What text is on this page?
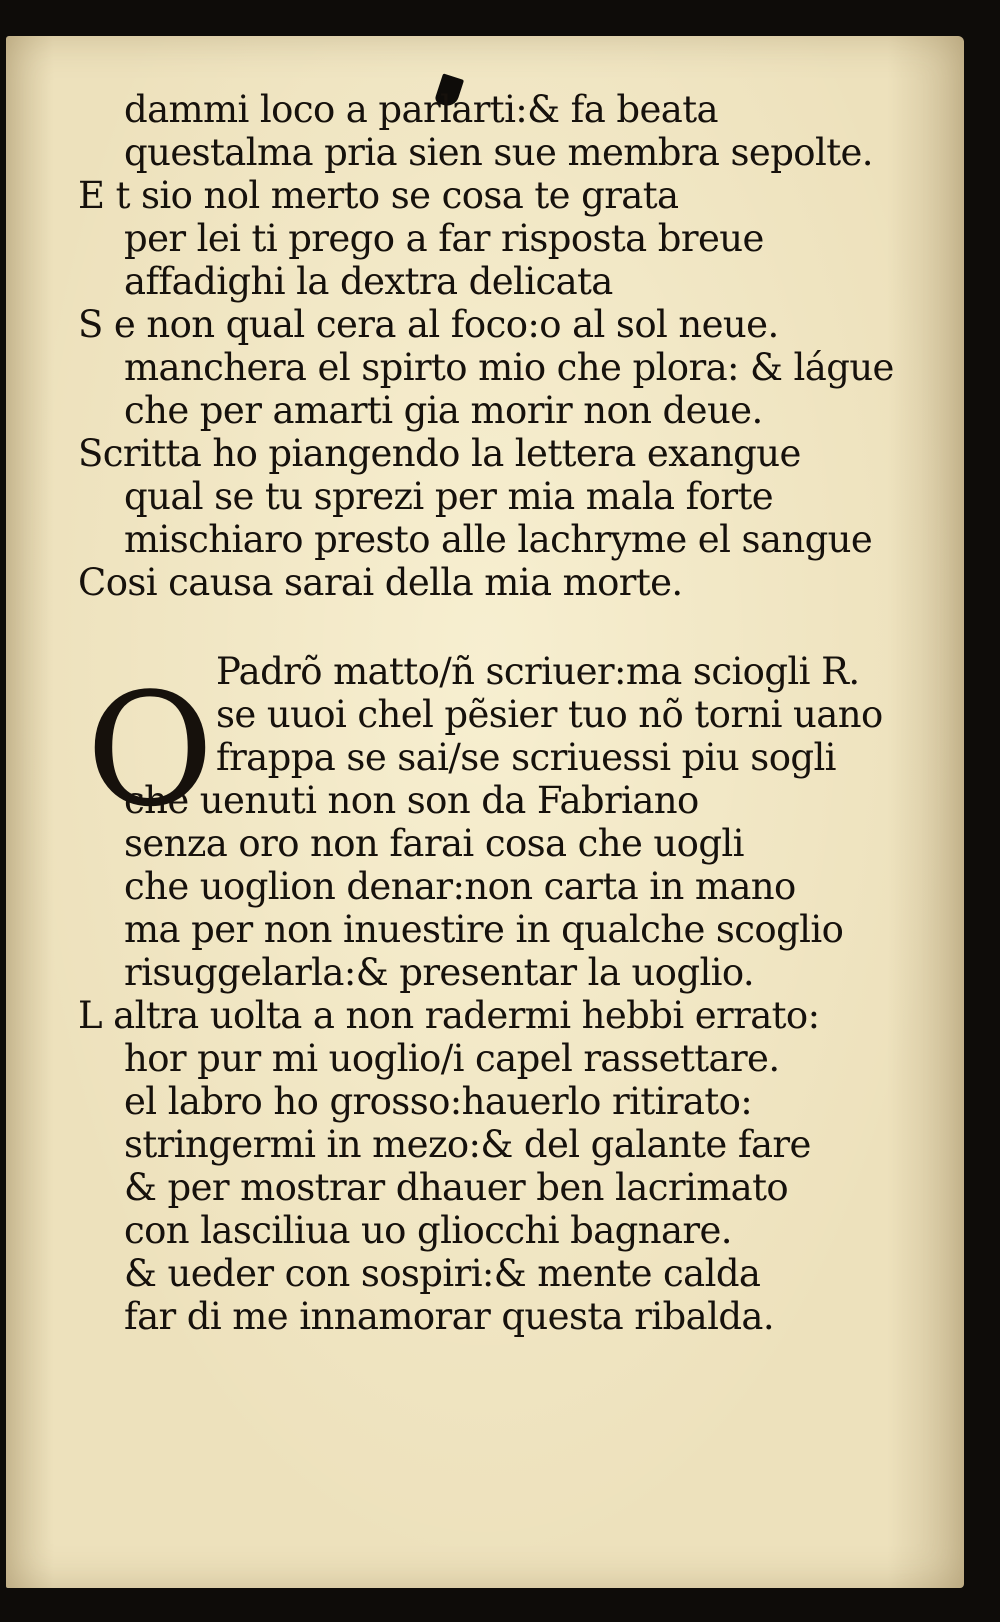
dammi loco a parlarti:& fa beata
questalma pria sien sue membra sepolte.
E t sio nol merto se cosa te grata
per lei ti prego a far risposta breue
affadighi la dextra delicata
S e non qual cera al foco:o al sol neue.
manchera el spirto mio che plora: & lágue
che per amarti gia morir non deue.
Scritta ho piangendo la lettera exangue
qual se tu sprezi per mia mala forte
mischiaro presto alle lachryme el sangue
Cosi causa sarai della mia morte.
O Padrõ matto/ñ scriuer:ma sciogli R.
se uuoi chel pẽsier tuo nõ torni uano
frappa se sai/se scriuessi piu sogli
che uenuti non son da Fabriano
senza oro non farai cosa che uogli
che uoglion denar:non carta in mano
ma per non inuestire in qualche scoglio
risuggelarla:& presentar la uoglio.
L altra uolta a non radermi hebbi errato:
hor pur mi uoglio/i capel rassettare.
el labro ho grosso:hauerlo ritirato:
stringermi in mezo:& del galante fare
& per mostrar dhauer ben lacrimato
con lasciliua uo gliocchi bagnare.
& ueder con sospiri:& mente calda
far di me innamorar questa ribalda.
